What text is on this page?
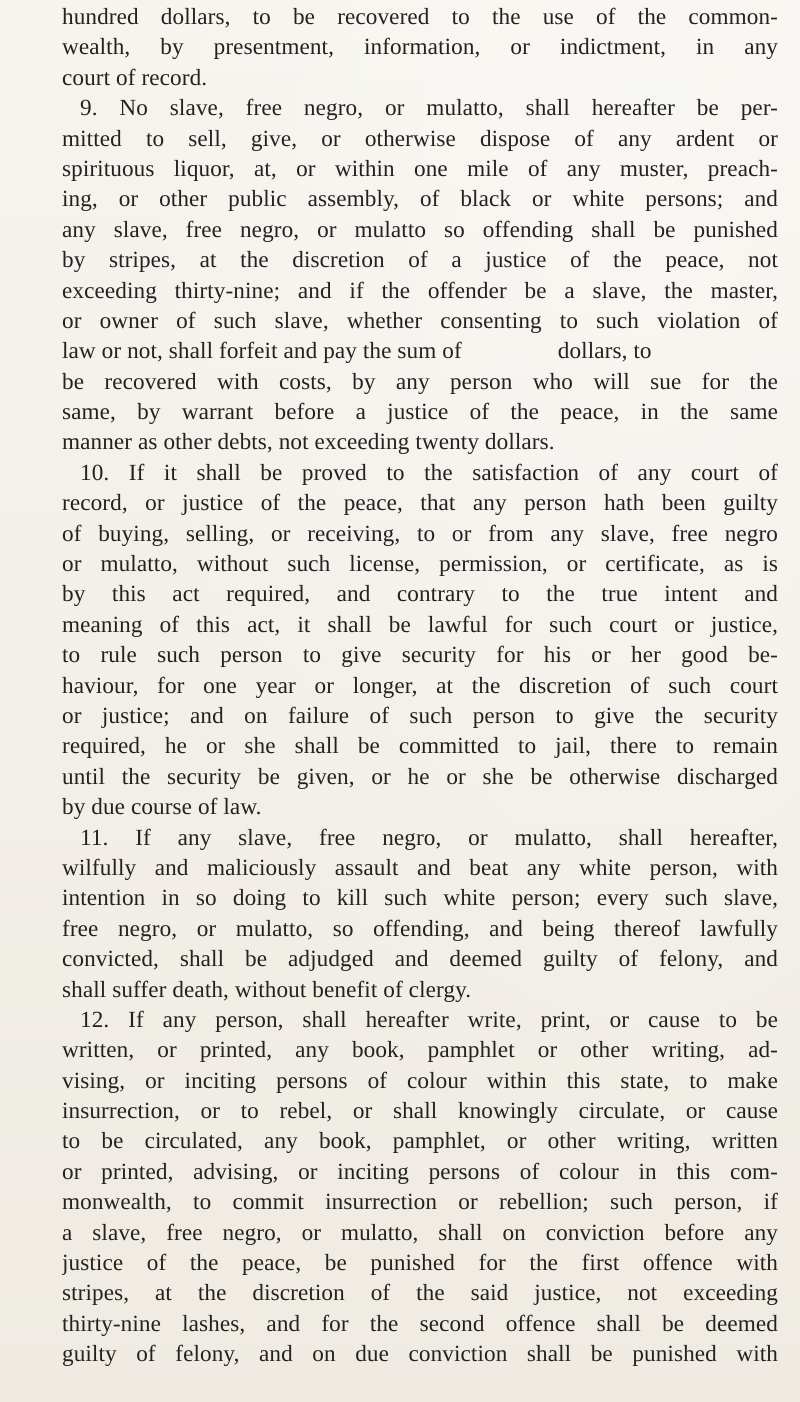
hundred dollars, to be recovered to the use of the common-
wealth, by presentment, information, or indictment, in any
court of record.
9. No slave, free negro, or mulatto, shall hereafter be per-
mitted to sell, give, or otherwise dispose of any ardent or
spirituous liquor, at, or within one mile of any muster, preach-
ing, or other public assembly, of black or white persons; and
any slave, free negro, or mulatto so offending shall be punished
by stripes, at the discretion of a justice of the peace, not
exceeding thirty-nine; and if the offender be a slave, the master,
or owner of such slave, whether consenting to such violation of
law or not, shall forfeit and pay the sum of	dollars, to
be recovered with costs, by any person who will sue for the
same, by warrant before a justice of the peace, in the same
manner as other debts, not exceeding twenty dollars.
10. If it shall be proved to the satisfaction of any court of
record, or justice of the peace, that any person hath been guilty
of buying, selling, or receiving, to or from any slave, free negro
or mulatto, without such license, permission, or certificate, as is
by this act required, and contrary to the true intent and
meaning of this act, it shall be lawful for such court or justice,
to rule such person to give security for his or her good be-
haviour, for one year or longer, at the discretion of such court
or justice; and on failure of such person to give the security
required, he or she shall be committed to jail, there to remain
until the security be given, or he or she be otherwise discharged
by due course of law.
11. If any slave, free negro, or mulatto, shall hereafter,
wilfully and maliciously assault and beat any white person, with
intention in so doing to kill such white person; every such slave,
free negro, or mulatto, so offending, and being thereof lawfully
convicted, shall be adjudged and deemed guilty of felony, and
shall suffer death, without benefit of clergy.
12. If any person, shall hereafter write, print, or cause to be
written, or printed, any book, pamphlet or other writing, ad-
vising, or inciting persons of colour within this state, to make
insurrection, or to rebel, or shall knowingly circulate, or cause
to be circulated, any book, pamphlet, or other writing, written
or printed, advising, or inciting persons of colour in this com-
monwealth, to commit insurrection or rebellion; such person, if
a slave, free negro, or mulatto, shall on conviction before any
justice of the peace, be punished for the first offence with
stripes, at the discretion of the said justice, not exceeding
thirty-nine lashes, and for the second offence shall be deemed
guilty of felony, and on due conviction shall be punished with
